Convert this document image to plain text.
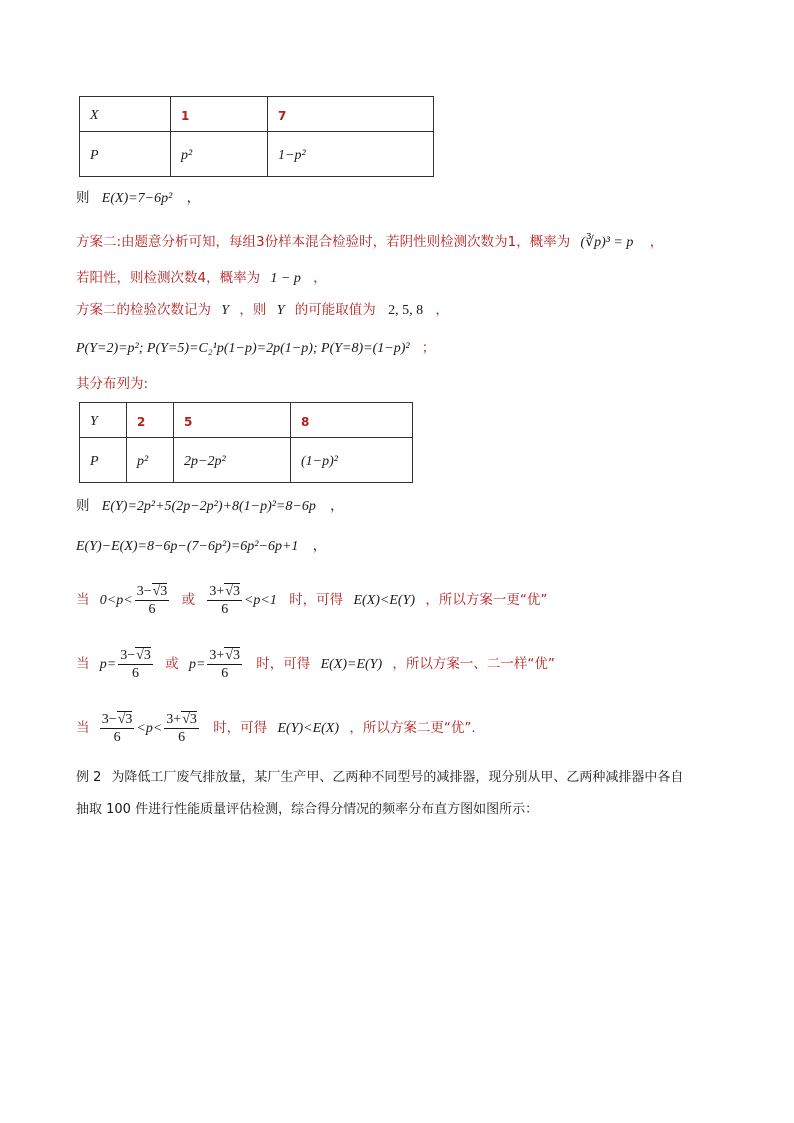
X	1	7
P	p²	1−p²
则 E(X)=7−6p² ，
方案二:由题意分析可知，每组3份样本混合检验时，若阴性则检测次数为1，概率为 (∛p)³ = p ，
若阳性，则检测次数4，概率为 1 − p ，
方案二的检验次数记为 Y ，则 Y 的可能取值为 2, 5, 8 ，
P(Y=2)=p²; P(Y=5)=C₂¹p(1−p)=2p(1−p); P(Y=8)=(1−p)² ；
其分布列为:
Y	2	5	8
P	p²	2p−2p²	(1−p)²
则 E(Y)=2p²+5(2p−2p²)+8(1−p)²=8−6p ，
E(Y)−E(X)=8−6p−(7−6p²)=6p²−6p+1 ，
当 $0<p< \frac{3-√3}{6}$ 或 $\frac{3+√3}{6} <p<1$ 时，可得 E(X)<E(Y) ，所以方案一更“优”
当 $p= \frac{3-√3}{6}$ 或 $p= \frac{3+√3}{6}$ 时，可得 E(X)=E(Y) ，所以方案一、二一样“优”
当 $\frac{3-√3}{6} <p< \frac{3+√3}{6}$ 时，可得 E(Y)<E(X) ，所以方案二更“优”.
例 2 为降低工厂废气排放量，某厂生产甲、乙两种不同型号的减排器，现分别从甲、乙两种减排器中各自
抽取 100 件进行性能质量评估检测，综合得分情况的频率分布直方图如图所示：
